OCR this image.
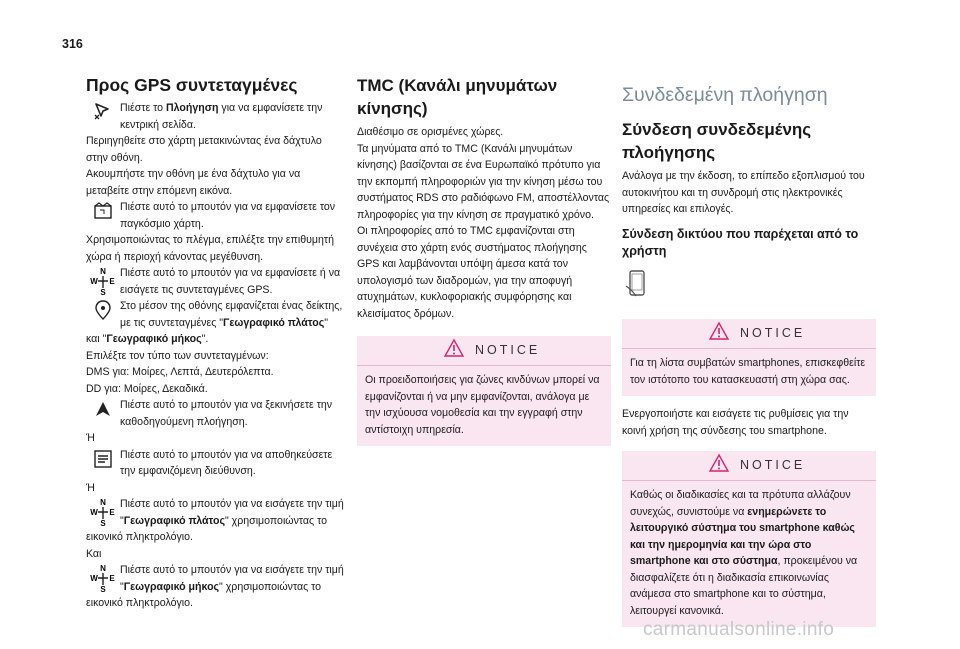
316
Προς GPS συντεταγμένες

Πιέστε το Πλοήγηση για να εμφανίσετε την κεντρική σελίδα.

Περιηγηθείτε στο χάρτη μετακινώντας ένα δάχτυλο στην οθόνη.

Ακουμπήστε την οθόνη με ένα δάχτυλο για να μεταβείτε στην επόμενη εικόνα.

Πιέστε αυτό το μπουτόν για να εμφανίσετε τον παγκόσμιο χάρτη.

Χρησιμοποιώντας το πλέγμα, επιλέξτε την επιθυμητή χώρα ή περιοχή κάνοντας μεγέθυνση.

N
W E
S

Πιέστε αυτό το μπουτόν για να εμφανίσετε ή να εισάγετε τις συντεταγμένες GPS.

Στο μέσον της οθόνης εμφανίζεται ένας δείκτης, με τις συντεταγμένες "Γεωγραφικό πλάτος"

και "Γεωγραφικό μήκος".

Επιλέξτε τον τύπο των συντεταγμένων:

DMS για: Μοίρες, Λεπτά, Δευτερόλεπτα.

DD για: Μοίρες, Δεκαδικά.

Πιέστε αυτό το μπουτόν για να ξεκινήσετε την καθοδηγούμενη πλοήγηση.

Ή

Πιέστε αυτό το μπουτόν για να αποθηκεύσετε την εμφανιζόμενη διεύθυνση.

Ή

N
W E
S

Πιέστε αυτό το μπουτόν για να εισάγετε την τιμή "Γεωγραφικό πλάτος" χρησιμοποιώντας το

εικονικό πληκτρολόγιο.

Και

N
W E
S

Πιέστε αυτό το μπουτόν για να εισάγετε την τιμή "Γεωγραφικό μήκος" χρησιμοποιώντας το

εικονικό πληκτρολόγιο.

TMC (Κανάλι μηνυμάτων κίνησης)

Διαθέσιμο σε ορισμένες χώρες.

Τα μηνύματα από το TMC (Κανάλι μηνυμάτων κίνησης) βασίζονται σε ένα Ευρωπαϊκό πρότυπο για την εκπομπή πληροφοριών για την κίνηση μέσω του συστήματος RDS στο ραδιόφωνο FM, αποστέλλοντας πληροφορίες για την κίνηση σε πραγματικό χρόνο.

Οι πληροφορίες από το TMC εμφανίζονται στη συνέχεια στο χάρτη ενός συστήματος πλοήγησης GPS και λαμβάνονται υπόψη άμεσα κατά τον υπολογισμό των διαδρομών, για την αποφυγή ατυχημάτων, κυκλοφοριακής συμφόρησης και κλεισίματος δρόμων.

NOTICE

Οι προειδοποιήσεις για ζώνες κινδύνων μπορεί να εμφανίζονται ή να μην εμφανίζονται, ανάλογα με την ισχύουσα νομοθεσία και την εγγραφή στην αντίστοιχη υπηρεσία.

Συνδεδεμένη πλοήγηση
Σύνδεση συνδεδεμένης πλοήγησης

Ανάλογα με την έκδοση, το επίπεδο εξοπλισμού του αυτοκινήτου και τη συνδρομή στις ηλεκτρονικές υπηρεσίες και επιλογές.

Σύνδεση δικτύου που παρέχεται από το χρήστη
NOTICE

Για τη λίστα συμβατών smartphones, επισκεφθείτε τον ιστότοπο του κατασκευαστή στη χώρα σας.

Ενεργοποιήστε και εισάγετε τις ρυθμίσεις για την κοινή χρήση της σύνδεσης του smartphone.

NOTICE

Καθώς οι διαδικασίες και τα πρότυπα αλλάζουν συνεχώς, συνιστούμε να ενημερώνετε το λειτουργικό σύστημα του smartphone καθώς και την ημερομηνία και την ώρα στο smartphone και στο σύστημα, προκειμένου να διασφαλίζετε ότι η διαδικασία επικοινωνίας ανάμεσα στο smartphone και το σύστημα, λειτουργεί κανονικά.

carmanualsonline.info
